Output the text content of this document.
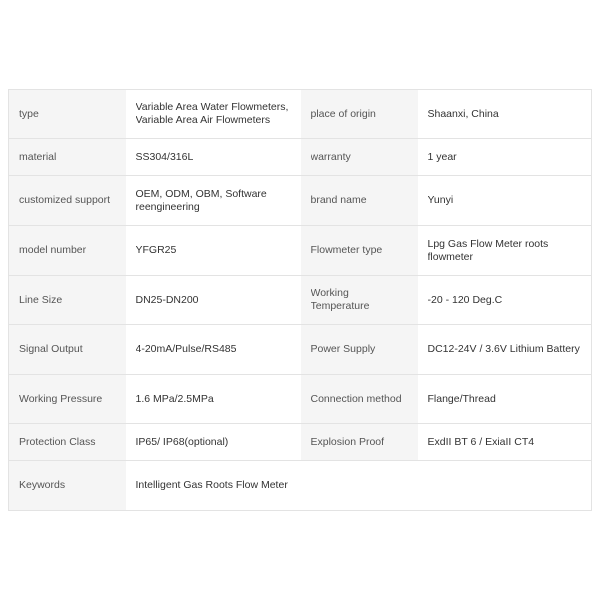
type	Variable Area Water Flowmeters, Variable Area Air Flowmeters	place of origin	Shaanxi, China

material	SS304/316L	warranty	1 year

customized support	OEM, ODM, OBM, Software reengineering	brand name	Yunyi

model number	YFGR25	Flowmeter type	Lpg Gas Flow Meter roots flowmeter

Line Size	DN25-DN200	Working Temperature	-20 - 120 Deg.C

Signal Output	4-20mA/Pulse/RS485	Power Supply	DC12-24V / 3.6V Lithium Battery

Working Pressure	1.6 MPa/2.5MPa	Connection method	Flange/Thread

Protection Class	IP65/ IP68(optional)	Explosion Proof	ExdII BT 6 / ExiaII CT4

Keywords	Intelligent Gas Roots Flow Meter		
